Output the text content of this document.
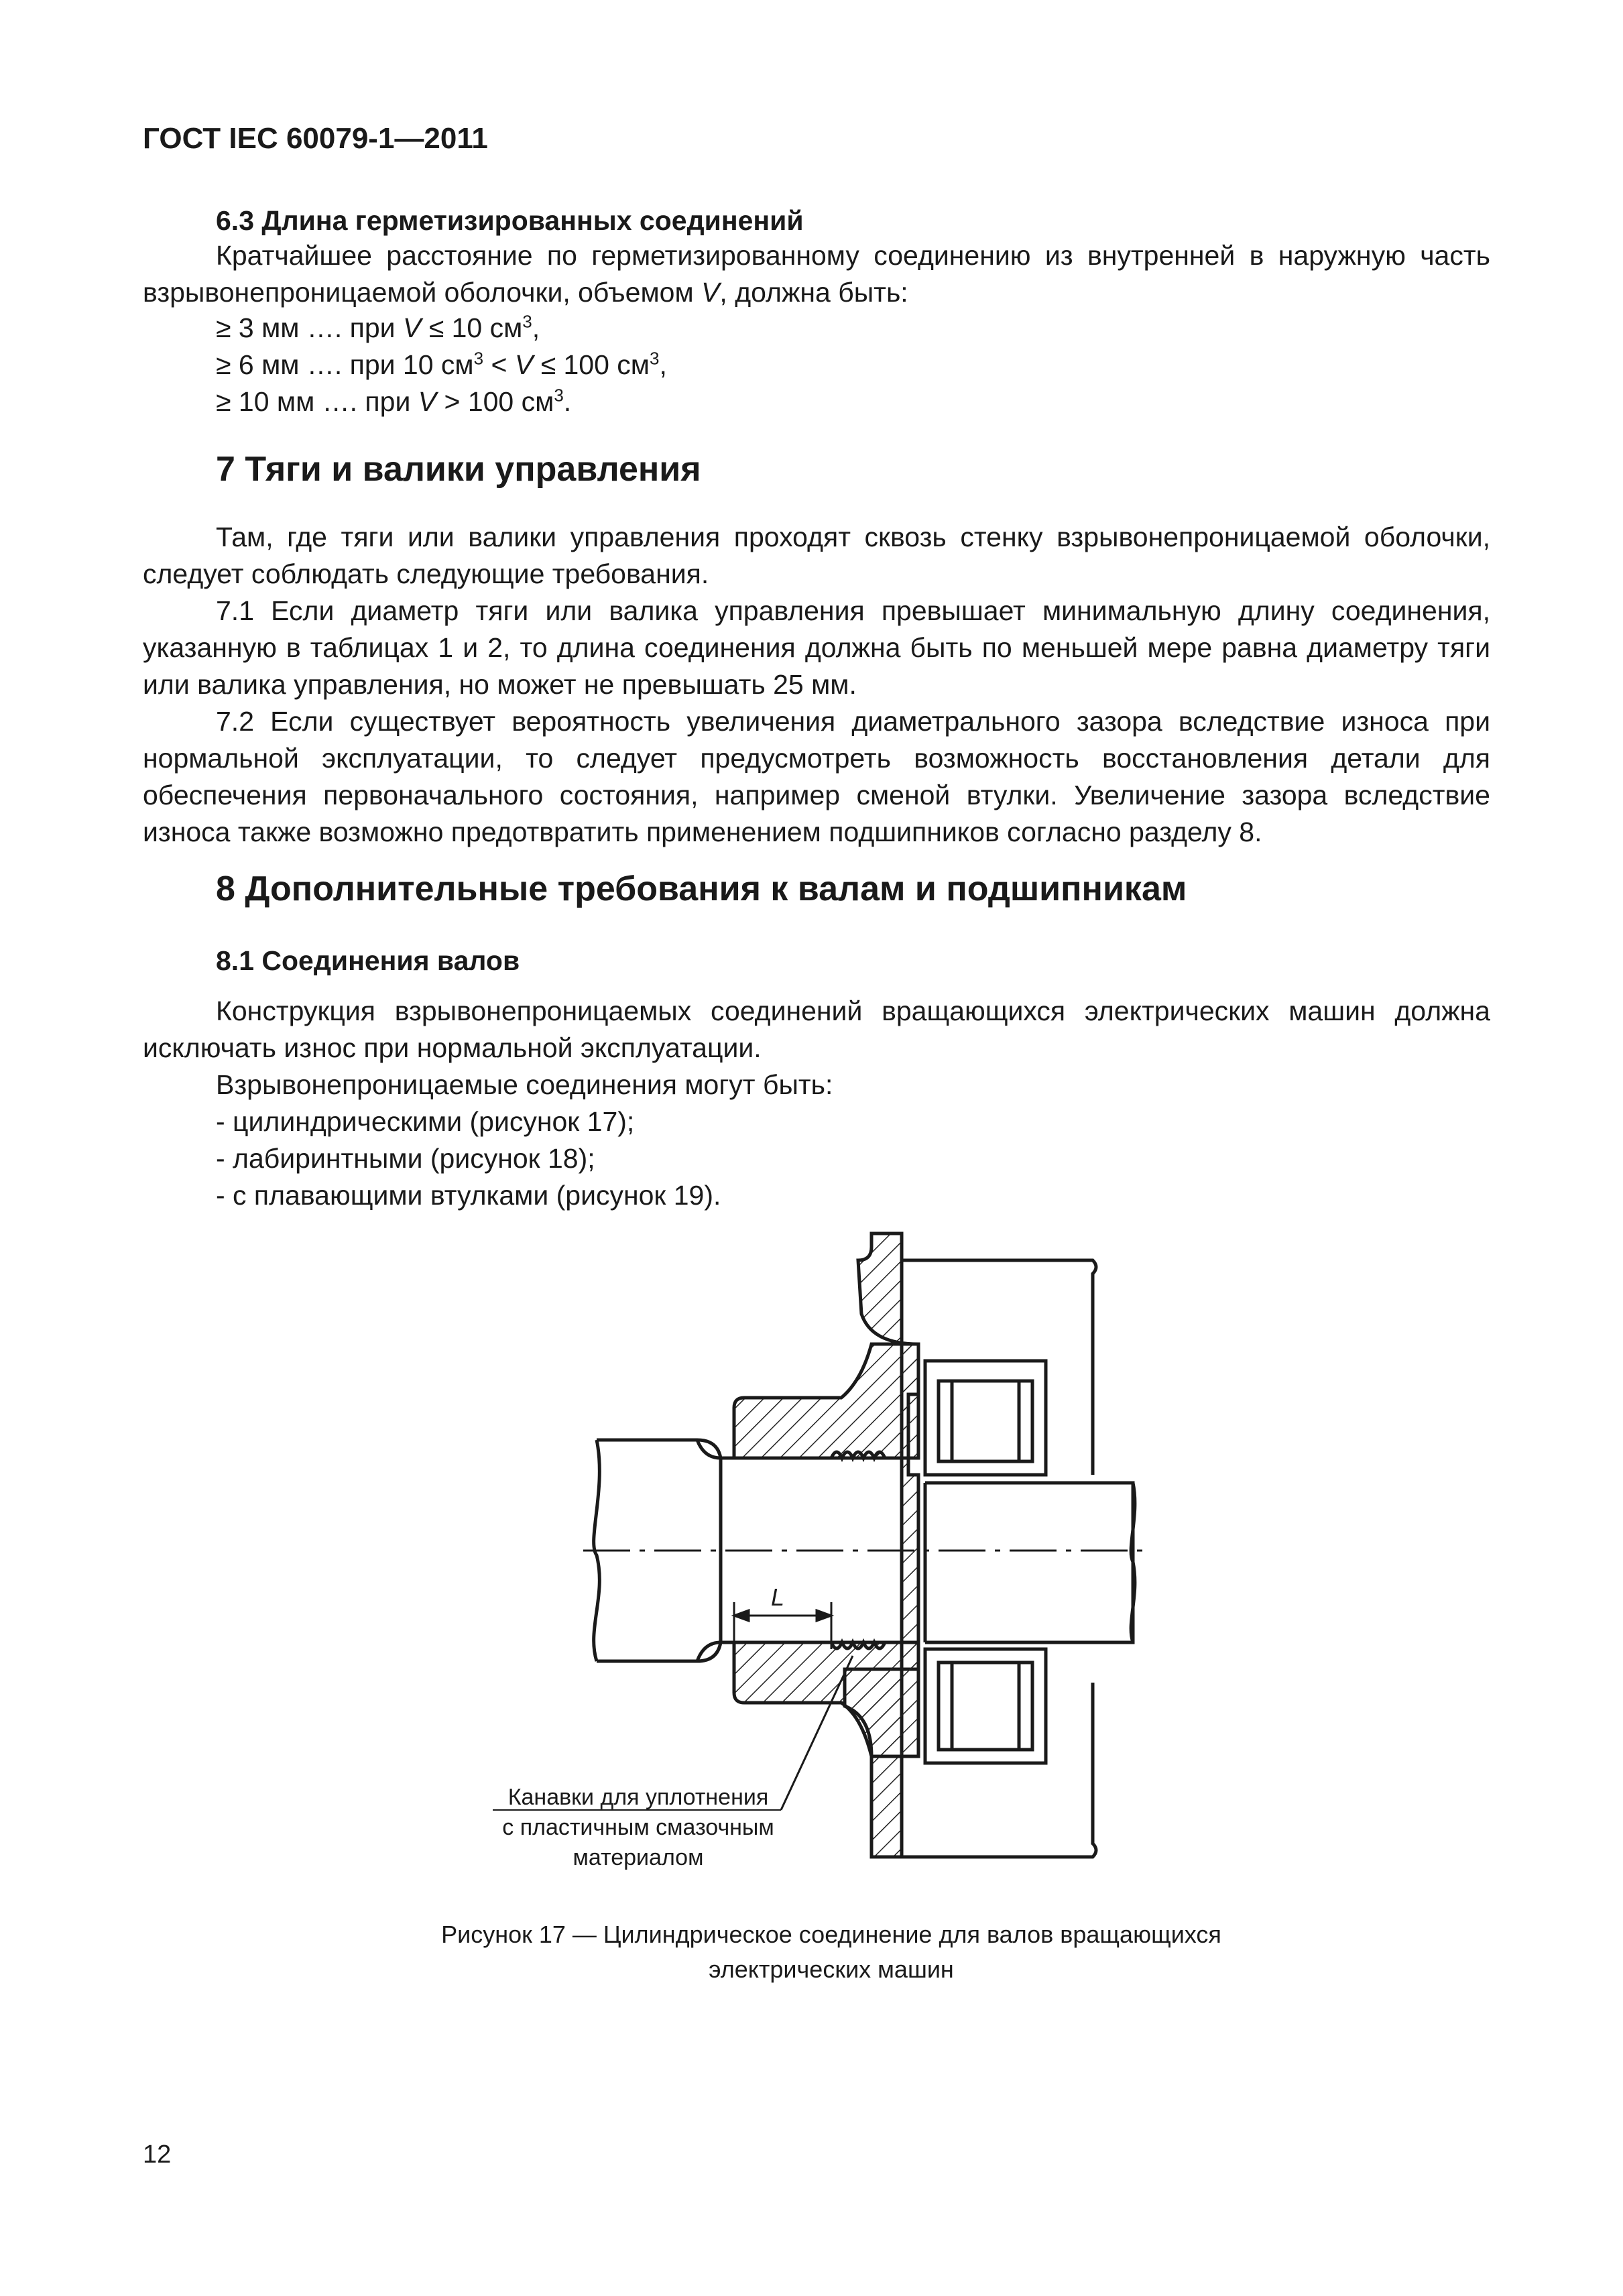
ГОСТ IEC 60079-1—2011
6.3 Длина герметизированных соединений

Кратчайшее расстояние по герметизированному соединению из внутренней в наружную часть взрывонепроницаемой оболочки, объемом V, должна быть:

≥ 3 мм …. при V ≤ 10 $см^3$,
≥ 6 мм …. при 10 $см^3 < V \le 100$ $см^3$,
≥ 10 мм …. при V > 100 $см^3$.
7 Тяги и валики управления

Там, где тяги или валики управления проходят сквозь стенку взрывонепроницаемой оболочки, следует соблюдать следующие требования.

7.1 Если диаметр тяги или валика управления превышает минимальную длину соединения, указанную в таблицах 1 и 2, то длина соединения должна быть по меньшей мере равна диаметру тяги или валика управления, но может не превышать 25 мм.

7.2 Если существует вероятность увеличения диаметрального зазора вследствие износа при нормальной эксплуатации, то следует предусмотреть возможность восстановления детали для обеспечения первоначального состояния, например сменой втулки. Увеличение зазора вследствие износа также возможно предотвратить применением подшипников согласно разделу 8.

8 Дополнительные требования к валам и подшипникам
8.1 Соединения валов

Конструкция взрывонепроницаемых соединений вращающихся электрических машин должна исключать износ при нормальной эксплуатации.

Взрывонепроницаемые соединения могут быть:
- цилиндрическими (рисунок 17);
- лабиринтными (рисунок 18);
- с плавающими втулками (рисунок 19).
L
Канавки для уплотнения
с пластичным смазочным
материалом
Рисунок 17 — Цилиндрическое соединение для валов вращающихся
электрических машин
12
